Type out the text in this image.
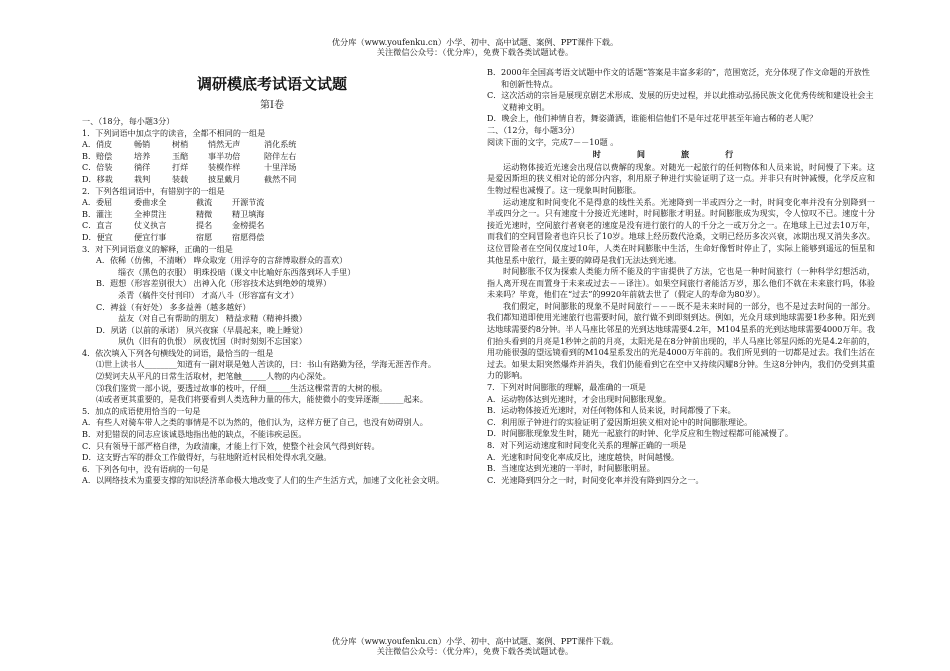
优分库（www.youfenku.cn）小学、初中、高中试题、案例、PPT课件下载。
关注微信公众号：（优分库），免费下载各类试题试卷。
调研模底考试语文试题
第Ⅰ卷

一、（18分，每小题3分）

1．下列词语中加点字的读音，全都不相同的一组是

A．俏皮	畅销	树梢	悄然无声	消化系统
B．赔偿	培养	玉醅	事半功倍	陪伴左右
C．倍装	徜徉	打烊	装模作样	十里洋场
D．移栽	栽判	装载	披星戴月	截然不同

2．下列各组词语中，有错别字的一组是

A．委屈	委曲求全	截流	开源节流
B．灌注	全神贯注	精微	精卫填海
C．直言	仗义执言	提名	金榜提名
D．便宜	便宜行事	宿愿	宿愿得偿

3．对下列词语意义的解释，正确的一组是

A．依稀（仿佛，不清晰） 哗众取宠（用浮夸的言辞博取群众的喜欢）

缁衣（黑色的衣服） 明珠投暗（课文中比喻好东西落到坏人手里）

B．遐想（形容差别很大） 出神入化（形容技术达到绝妙的境界）

杀青（稿件交付刊印） 才高八斗（形容富有文才）

C．裨益（有好处） 多多益善（越多越好）

益友（对自己有帮助的朋友） 精益求精（精神抖擞）

D．夙诺（以前的承诺） 夙兴夜寐（早晨起来，晚上睡觉）

夙仇（旧有的仇恨） 夙夜忧国（时时刻刻不忘国家）

4．依次填入下列各句横线处的词语，最恰当的一组是

⑴世上读书人________知道有一副对联是勉人苦读的，曰：书山有路勤为径，学海无涯苦作舟。

⑵契诃夫从平凡的日常生活取材，把笔触______人物的内心深处。

⑶我们鉴赏一部小说，要透过故事的枝叶，仔细______生活这棵常青的大树的根。

⑷或者更其重要的，是我们将要看到人类选种力量的伟大，能使微小的变异逐渐______起来。

5．加点的成语使用恰当的一句是

A．有些人对骑车带人之类的事情是不以为然的，他们认为，这样方便了自己，也没有妨碍别人。

B．对犯错误的同志应该诚恳地指出他的缺点，不能讳疾忌医。

C．只有领导干部严格自律，为政清廉，才能上行下效，使整个社会风气得到好转。

D．这支野古军的群众工作做得好，与驻地附近村民相处得水乳交融。

6．下列各句中，没有语病的一句是

A．以网络技术为重要支撑的知识经济革命极大地改变了人们的生产生活方式，加速了文化社会文明。

B．2000年全国高考语文试题中作文的话题“答案是丰富多彩的”，范围宽泛，充分体现了作文命题的开放性和创新性特点。

C．这次活动的宗旨是展现京剧艺术形成、发展的历史过程，并以此推动弘扬民族文化优秀传统和建设社会主义精神文明。

D．晚会上，他们神情自若，舞姿潇洒，谁能相信他们不是年过花甲甚至年逾古稀的老人呢？

二、（12分，每小题3分）

阅读下面的文字，完成7－－10题 。

时间旅行

运动物体接近光速会出现信以费解的现象。对随光一起旅行的任何物体和人员来说，时间慢了下来。这是爱因斯坦的狭义相对论的部分内容，利用原子种进行实验证明了这一点。并非只有时钟减慢，化学反应和生物过程也减慢了。这一现象叫时间膨胀。

运动速度和时间变化不是得意的线性关系。光速降到一半或四分之一时，时间变化率并没有分别降到一半或四分之一。只有速度十分接近光速时，时间膨胀才明显。时间膨胀成为现实，令人惊叹不已。速度十分接近光速时，空间旅行者衰老的速度是没有进行旅行的人的千分之一或万分之一。在地球上已过去10万年，而我们的空间冒险者也许只长了10岁。地球上经历数代沧桑，文明已经历多次兴衰，冰期出现又消失多次。这位冒险者在空间仅度过10年，人类在时间膨胀中生活，生命好像暂时停止了，实际上能够到遥远的恒星和其他星系中旅行，最主要的障碍是我们无法达到光速。

时间膨胀不仅为探索人类能力所不能及的宇宙提供了方法，它也是一种时间旅行（一种科学幻想活动，指人离开现在而置身于未来或过去－－译注）。如果空间旅行者能活万岁，那么他们不就在未来旅行吗，体验未来吗？毕竟，他们在“过去”的9920年前就去世了（假定人的寿命为80岁）。

我们假定，时间膨胀的现象不是时间旅行－－－既不是未来时间的一部分，也不是过去时间的一部分。我们都知道即使用光速旅行也需要时间，旅行做不到即刻到达。例如，光众月球到地球需要1秒多种。阳光到达地球需要约8分钟。半人马座比邻星的光到达地球需要4.2年，M104星系的光到达地球需要4000万年。我们抬头看到的月亮是1秒钟之前的月亮，太阳光是在8分钟前出现的，半人马座比邻星闪烁的光是4.2年前的，用功能很强的望远镜看到的M104星系发出的光是4000万年前的。我们所见到的一切都是过去。我们生活在过去。如果太阳突然爆炸并消失，我们仍能看到它在空中又持续闪耀8分钟。生这8分钟内，我们仍受到其重力的影响。

7．下列对时间膨胀的理解，最准确的一项是

A．运动物体达到光速时，才会出现时间膨胀现象。

B．运动物体接近光速时，对任何物体和人员来说，时间都慢了下来。

C．利用原子钟进行的实验证明了爱因斯坦狭义相对论中的时间膨胀理论。

D．时间膨胀现象发生时，随光一起旅行的时钟、化学反应和生物过程都可能减慢了。

8．对下列运动速度和时间变化关系的理解正确的一项是

A．光速和时间变化率成反比，速度越快，时间越慢。

B．当速度达到光速的一半时，时间膨胀明显。

C．光速降到四分之一时，时间变化率并没有降到四分之一。

优分库（www.youfenku.cn）小学、初中、高中试题、案例、PPT课件下载。
关注微信公众号：（优分库），免费下载各类试题试卷。
